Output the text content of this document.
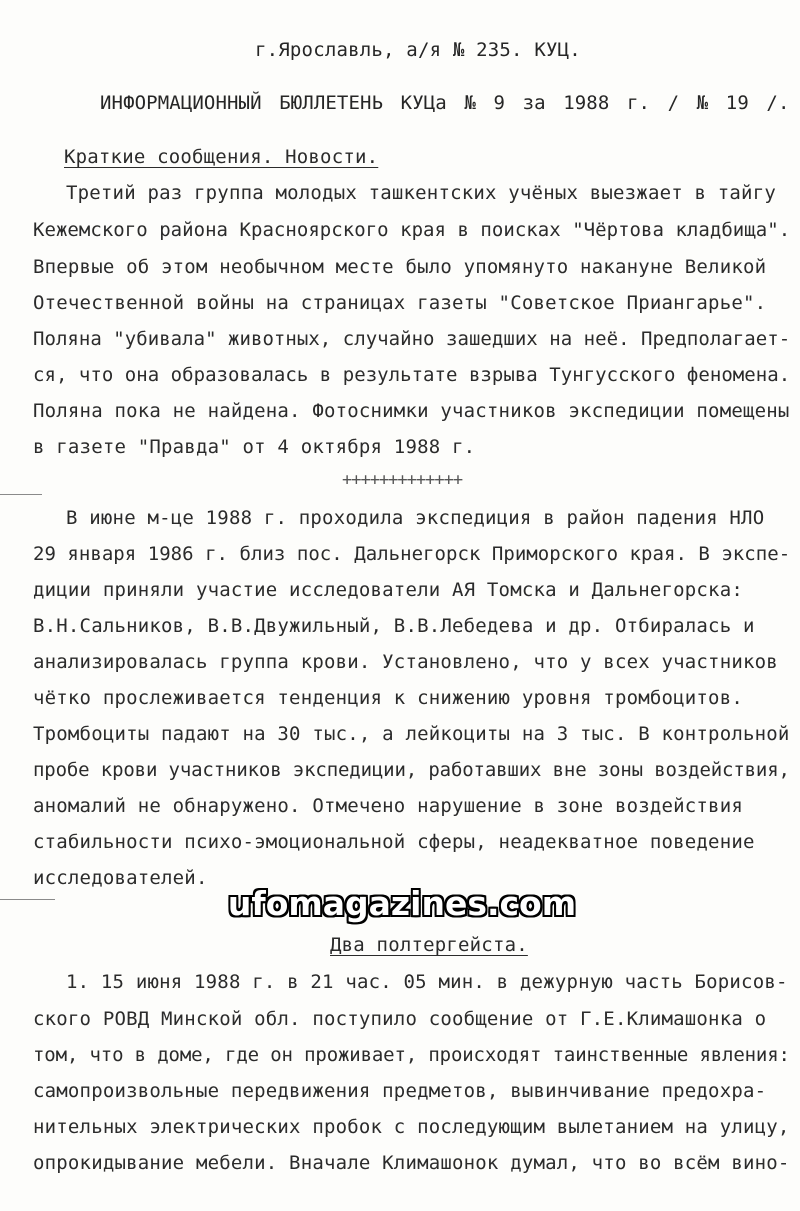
г.Ярославль, а/я № 235. КУЦ.
ИНФОРМАЦИОННЫЙ БЮЛЛЕТЕНЬ КУЦа № 9 за 1988 г. / № 19 /.
Краткие сообщения. Новости.
Третий раз группа молодых ташкентских учёных выезжает в тайгу
Кежемского района Красноярского края в поисках "Чёртова кладбища".
Впервые об этом необычном месте было упомянуто накануне Великой
Отечественной войны на страницах газеты "Советское Приангарье".
Поляна "убивала" животных, случайно зашедших на неё. Предполагает-
ся, что она образовалась в результате взрыва Тунгусского феномена.
Поляна пока не найдена. Фотоснимки участников экспедиции помещены
в газете "Правда" от 4 октября 1988 г.
+++++++++++++
В июне м-це 1988 г. проходила экспедиция в район падения НЛО
29 января 1986 г. близ пос. Дальнегорск Приморского края. В экспе-
диции приняли участие исследователи АЯ Томска и Дальнегорска:
В.Н.Сальников, В.В.Двужильный, В.В.Лебедева и др. Отбиралась и
анализировалась группа крови. Установлено, что у всех участников
чётко прослеживается тенденция к снижению уровня тромбоцитов.
Тромбоциты падают на 30 тыс., а лейкоциты на 3 тыс. В контрольной
пробе крови участников экспедиции, работавших вне зоны воздействия,
аномалий не обнаружено. Отмечено нарушение в зоне воздействия
стабильности психо-эмоциональной сферы, неадекватное поведение
исследователей.
ufomagazines.com
Два полтергейста.
1. 15 июня 1988 г. в 21 час. 05 мин. в дежурную часть Борисов-
ского РОВД Минской обл. поступило сообщение от Г.Е.Климашонка о
том, что в доме, где он проживает, происходят таинственные явления:
самопроизвольные передвижения предметов, вывинчивание предохра-
нительных электрических пробок с последующим вылетанием на улицу,
опрокидывание мебели. Вначале Климашонок думал, что во всём вино-
